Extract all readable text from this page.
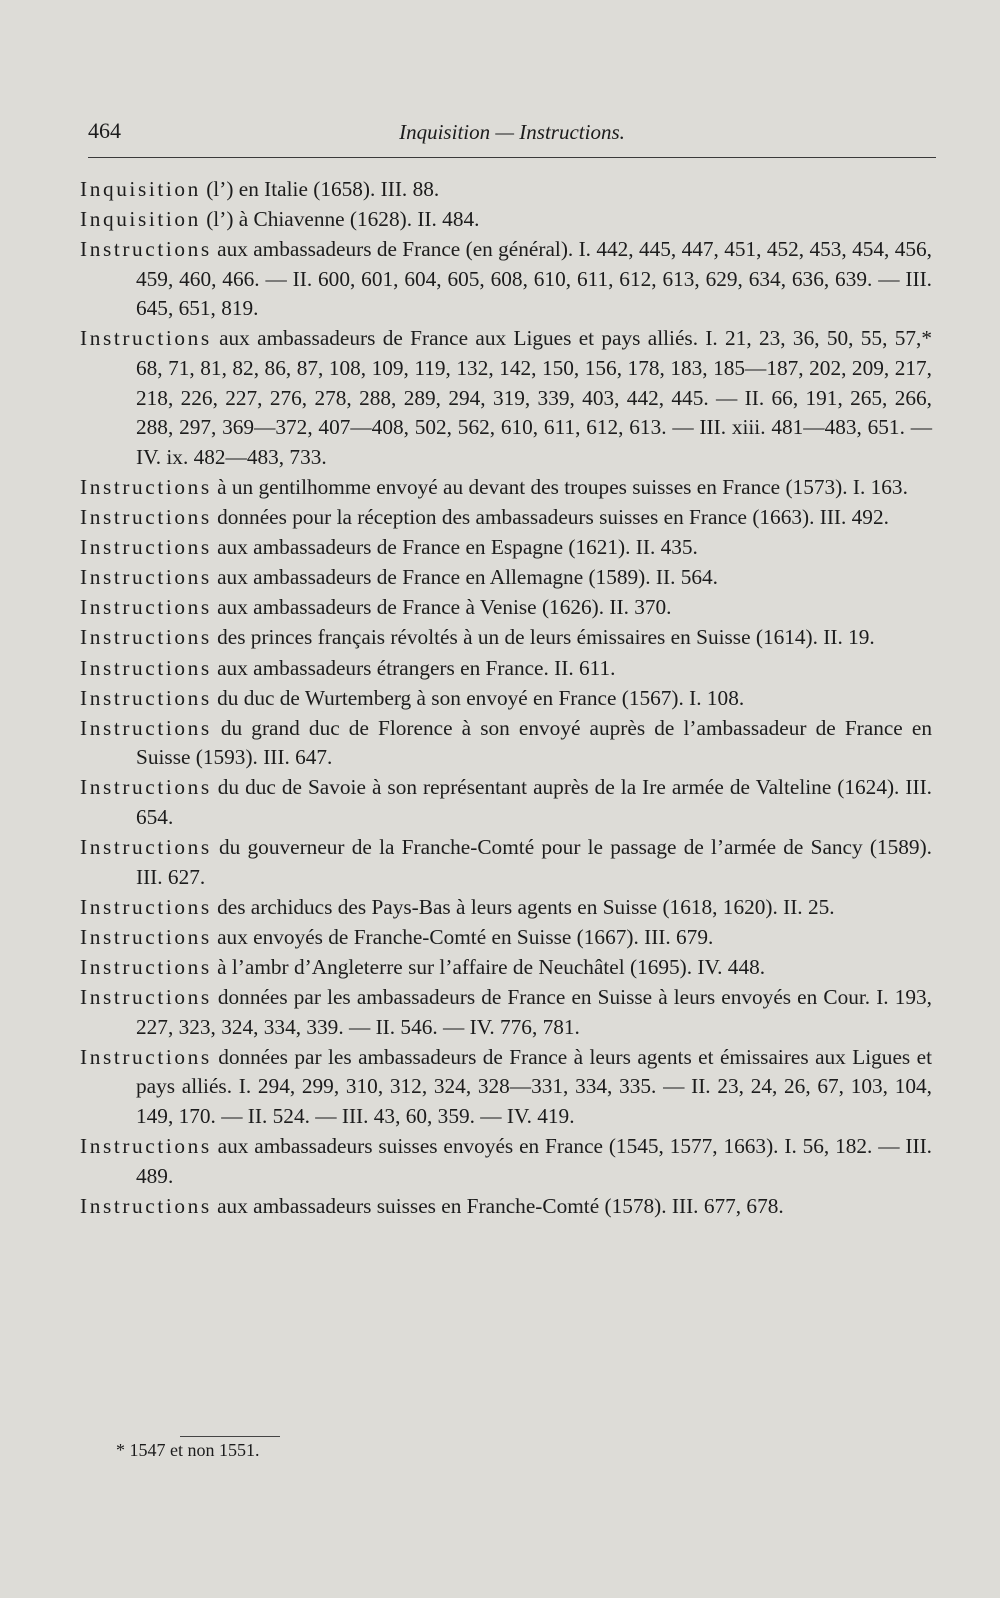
464	Inquisition — Instructions.

Inquisition (l’) en Italie (1658). III. 88.

Inquisition (l’) à Chiavenne (1628). II. 484.

Instructions aux ambassadeurs de France (en général). I. 442, 445, 447, 451, 452, 453, 454, 456, 459, 460, 466. — II. 600, 601, 604, 605, 608, 610, 611, 612, 613, 629, 634, 636, 639. — III. 645, 651, 819.

Instructions aux ambassadeurs de France aux Ligues et pays alliés. I. 21, 23, 36, 50, 55, 57,* 68, 71, 81, 82, 86, 87, 108, 109, 119, 132, 142, 150, 156, 178, 183, 185—187, 202, 209, 217, 218, 226, 227, 276, 278, 288, 289, 294, 319, 339, 403, 442, 445. — II. 66, 191, 265, 266, 288, 297, 369—372, 407—408, 502, 562, 610, 611, 612, 613. — III. xiii. 481—483, 651. — IV. ix. 482—483, 733.

Instructions à un gentilhomme envoyé au devant des troupes suisses en France (1573). I. 163.

Instructions données pour la réception des ambassadeurs suisses en France (1663). III. 492.

Instructions aux ambassadeurs de France en Espagne (1621). II. 435.

Instructions aux ambassadeurs de France en Allemagne (1589). II. 564.

Instructions aux ambassadeurs de France à Venise (1626). II. 370.

Instructions des princes français révoltés à un de leurs émissaires en Suisse (1614). II. 19.

Instructions aux ambassadeurs étrangers en France. II. 611.

Instructions du duc de Wurtemberg à son envoyé en France (1567). I. 108.

Instructions du grand duc de Florence à son envoyé auprès de l’ambassadeur de France en Suisse (1593). III. 647.

Instructions du duc de Savoie à son représentant auprès de la Ire armée de Valteline (1624). III. 654.

Instructions du gouverneur de la Franche-Comté pour le passage de l’armée de Sancy (1589). III. 627.

Instructions des archiducs des Pays-Bas à leurs agents en Suisse (1618, 1620). II. 25.

Instructions aux envoyés de Franche-Comté en Suisse (1667). III. 679.

Instructions à l’ambr d’Angleterre sur l’affaire de Neuchâtel (1695). IV. 448.

Instructions données par les ambassadeurs de France en Suisse à leurs envoyés en Cour. I. 193, 227, 323, 324, 334, 339. — II. 546. — IV. 776, 781.

Instructions données par les ambassadeurs de France à leurs agents et émissaires aux Ligues et pays alliés. I. 294, 299, 310, 312, 324, 328—331, 334, 335. — II. 23, 24, 26, 67, 103, 104, 149, 170. — II. 524. — III. 43, 60, 359. — IV. 419.

Instructions aux ambassadeurs suisses envoyés en France (1545, 1577, 1663). I. 56, 182. — III. 489.

Instructions aux ambassadeurs suisses en Franche-Comté (1578). III. 677, 678.

* 1547 et non 1551.
